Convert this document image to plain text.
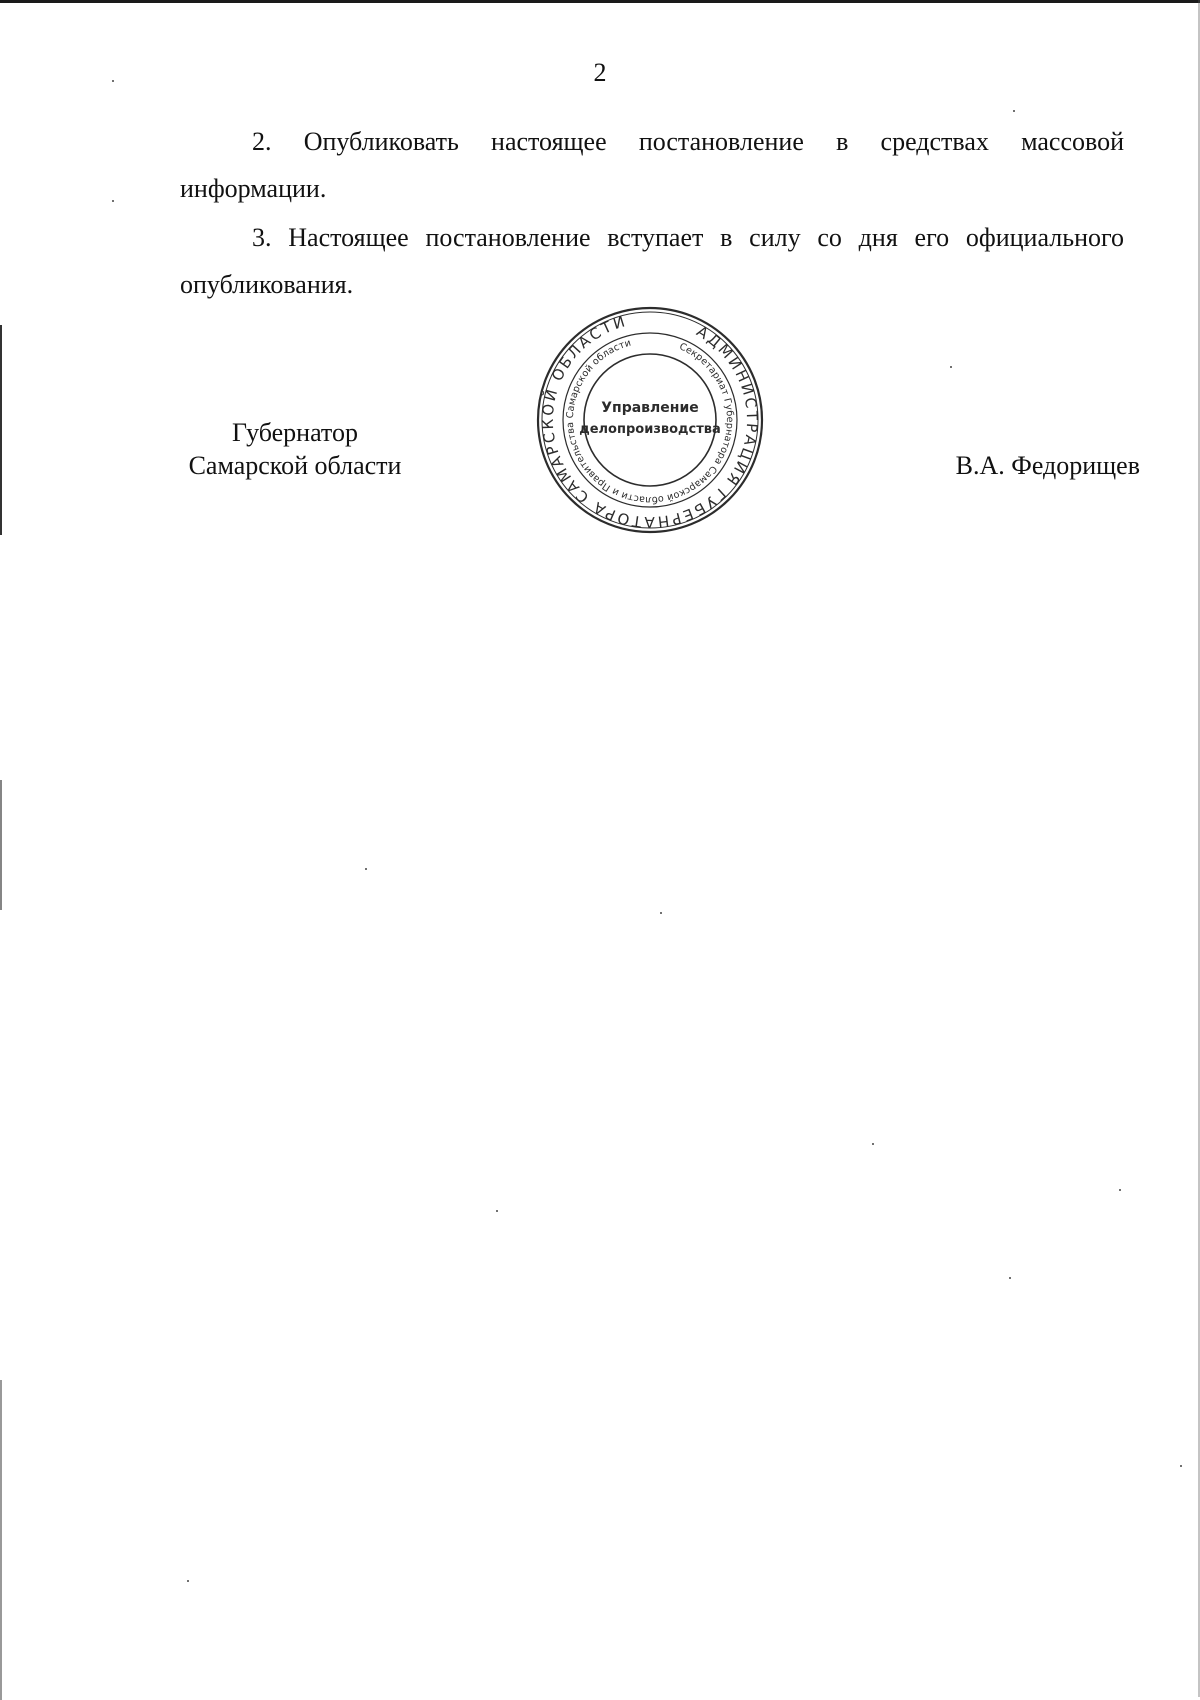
2

2. Опубликовать настоящее постановление в средствах массовой информации.

3. Настоящее постановление вступает в силу со дня его официального опубликования.

Губернатор
Самарской области
АДМИНИСТРАЦИЯ ГУБЕРНАТОРА САМАРСКОЙ ОБЛАСТИ
Секретариат Губернатора Самарской области и Правительства Самарской области
Управление
делопроизводства
В.А. Федорищев
